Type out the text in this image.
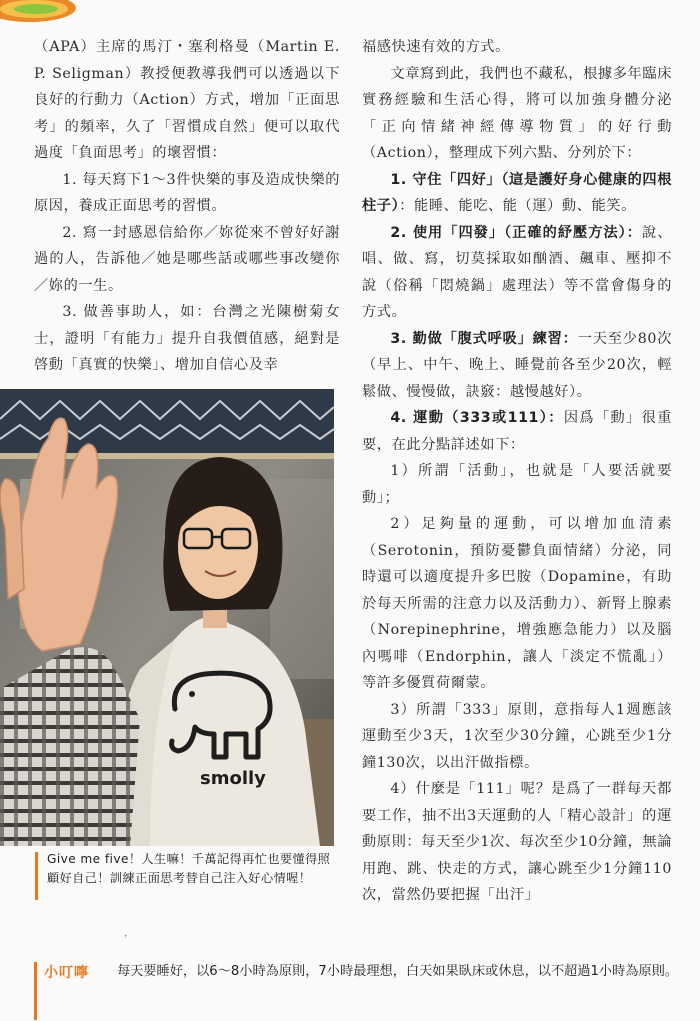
（APA）主席的馬汀・塞利格曼（Martin E. P. Seligman）教授便教導我們可以透過以下良好的行動力（Action）方式，增加「正面思考」的頻率，久了「習慣成自然」便可以取代過度「負面思考」的壞習慣：

1. 每天寫下1～3件快樂的事及造成快樂的原因，養成正面思考的習慣。

2. 寫一封感恩信給你／妳從來不曾好好謝過的人，告訴他／她是哪些話或哪些事改變你／妳的一生。

3. 做善事助人，如：台灣之光陳樹菊女士，證明「有能力」提升自我價值感，絕對是啓動「真實的快樂」、增加自信心及幸

smolly
Give me five！人生嘛！千萬記得再忙也要懂得照顧好自己！訓練正面思考替自己注入好心情喔！
，

福感快速有效的方式。

文章寫到此，我們也不藏私，根據多年臨床實務經驗和生活心得，將可以加強身體分泌「正向情緒神經傳導物質」的好行動（Action），整理成下列六點、分列於下：

1. 守住「四好」（這是護好身心健康的四根柱子）：能睡、能吃、能（運）動、能笑。

2. 使用「四發」（正確的紓壓方法）：說、唱、做、寫，切莫採取如酗酒、飆車、壓抑不說（俗稱「悶燒鍋」處理法）等不當會傷身的方式。

3. 勤做「腹式呼吸」練習：一天至少80次（早上、中午、晚上、睡覺前各至少20次，輕鬆做、慢慢做，訣竅：越慢越好）。

4. 運動（333或111）：因爲「動」很重要，在此分點詳述如下：

1）所謂「活動」，也就是「人要活就要動」；

2）足夠量的運動，可以增加血清素（Serotonin，預防憂鬱負面情緒）分泌，同時還可以適度提升多巴胺（Dopamine，有助於每天所需的注意力以及活動力）、新腎上腺素（Norepinephrine，增強應急能力）以及腦內嗎啡（Endorphin，讓人「淡定不慌亂」）等許多優質荷爾蒙。

3）所謂「333」原則，意指每人1週應該運動至少3天，1次至少30分鐘，心跳至少1分鐘130次，以出汗做指標。

4）什麼是「111」呢？是爲了一群每天都要工作，抽不出3天運動的人「精心設計」的運動原則：每天至少1次、每次至少10分鐘，無論用跑、跳、快走的方式，讓心跳至少1分鐘110次，當然仍要把握「出汗」

小叮嚀 每天要睡好，以6～8小時為原則，7小時最理想，白天如果臥床或休息，以不超過1小時為原則。
